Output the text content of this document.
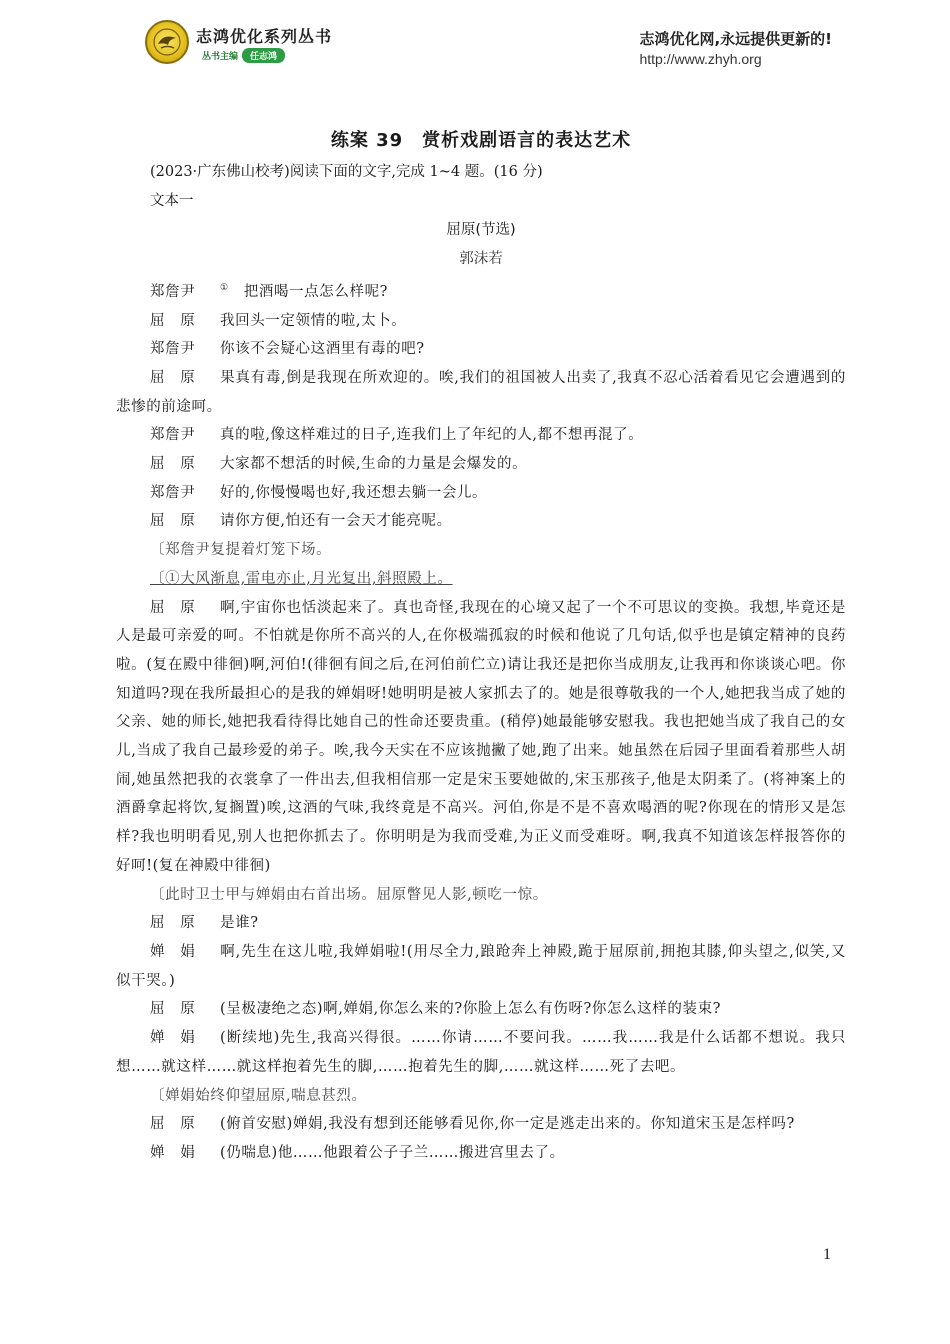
志鸿优化系列丛书
丛书主编	任志鸿
志鸿优化网,永远提供更新的!
http://www.zhyh.org
练案 39　赏析戏剧语言的表达艺术

(2023·广东佛山校考)阅读下面的文字,完成 1~4 题。(16 分)

文本一

屈原(节选)

郭沫若

郑詹尹	①　把酒喝一点怎么样呢?

屈　原 我回头一定领情的啦,太卜。

郑詹尹 你该不会疑心这酒里有毒的吧?

屈　原 果真有毒,倒是我现在所欢迎的。唉,我们的祖国被人出卖了,我真不忍心活着看见它会遭遇到的悲惨的前途呵。

郑詹尹 真的啦,像这样难过的日子,连我们上了年纪的人,都不想再混了。

屈　原 大家都不想活的时候,生命的力量是会爆发的。

郑詹尹 好的,你慢慢喝也好,我还想去躺一会儿。

屈　原 请你方便,怕还有一会天才能亮呢。

〔郑詹尹复提着灯笼下场。

〔①大风渐息,雷电亦止,月光复出,斜照殿上。

屈　原 啊,宇宙你也恬淡起来了。真也奇怪,我现在的心境又起了一个不可思议的变换。我想,毕竟还是人是最可亲爱的呵。不怕就是你所不高兴的人,在你极端孤寂的时候和他说了几句话,似乎也是镇定精神的良药啦。(复在殿中徘徊)啊,河伯!(徘徊有间之后,在河伯前伫立)请让我还是把你当成朋友,让我再和你谈谈心吧。你知道吗?现在我所最担心的是我的婵娟呀!她明明是被人家抓去了的。她是很尊敬我的一个人,她把我当成了她的父亲、她的师长,她把我看待得比她自己的性命还要贵重。(稍停)她最能够安慰我。我也把她当成了我自己的女儿,当成了我自己最珍爱的弟子。唉,我今天实在不应该抛撇了她,跑了出来。她虽然在后园子里面看着那些人胡闹,她虽然把我的衣裳拿了一件出去,但我相信那一定是宋玉要她做的,宋玉那孩子,他是太阴柔了。(将神案上的酒爵拿起将饮,复搁置)唉,这酒的气味,我终竟是不高兴。河伯,你是不是不喜欢喝酒的呢?你现在的情形又是怎样?我也明明看见,别人也把你抓去了。你明明是为我而受难,为正义而受难呀。啊,我真不知道该怎样报答你的好呵!(复在神殿中徘徊)

〔此时卫士甲与婵娟由右首出场。屈原瞥见人影,顿吃一惊。

屈　原 是谁?

婵　娟 啊,先生在这儿啦,我婵娟啦!(用尽全力,踉跄奔上神殿,跪于屈原前,拥抱其膝,仰头望之,似笑,又似干哭。)

屈　原 (呈极凄绝之态)啊,婵娟,你怎么来的?你脸上怎么有伤呀?你怎么这样的装束?

婵　娟 (断续地)先生,我高兴得很。……你请……不要问我。……我……我是什么话都不想说。我只想……就这样……就这样抱着先生的脚,……抱着先生的脚,……就这样……死了去吧。

〔婵娟始终仰望屈原,喘息甚烈。

屈　原 (俯首安慰)婵娟,我没有想到还能够看见你,你一定是逃走出来的。你知道宋玉是怎样吗?

婵　娟 (仍喘息)他……他跟着公子子兰……搬进宫里去了。

1
